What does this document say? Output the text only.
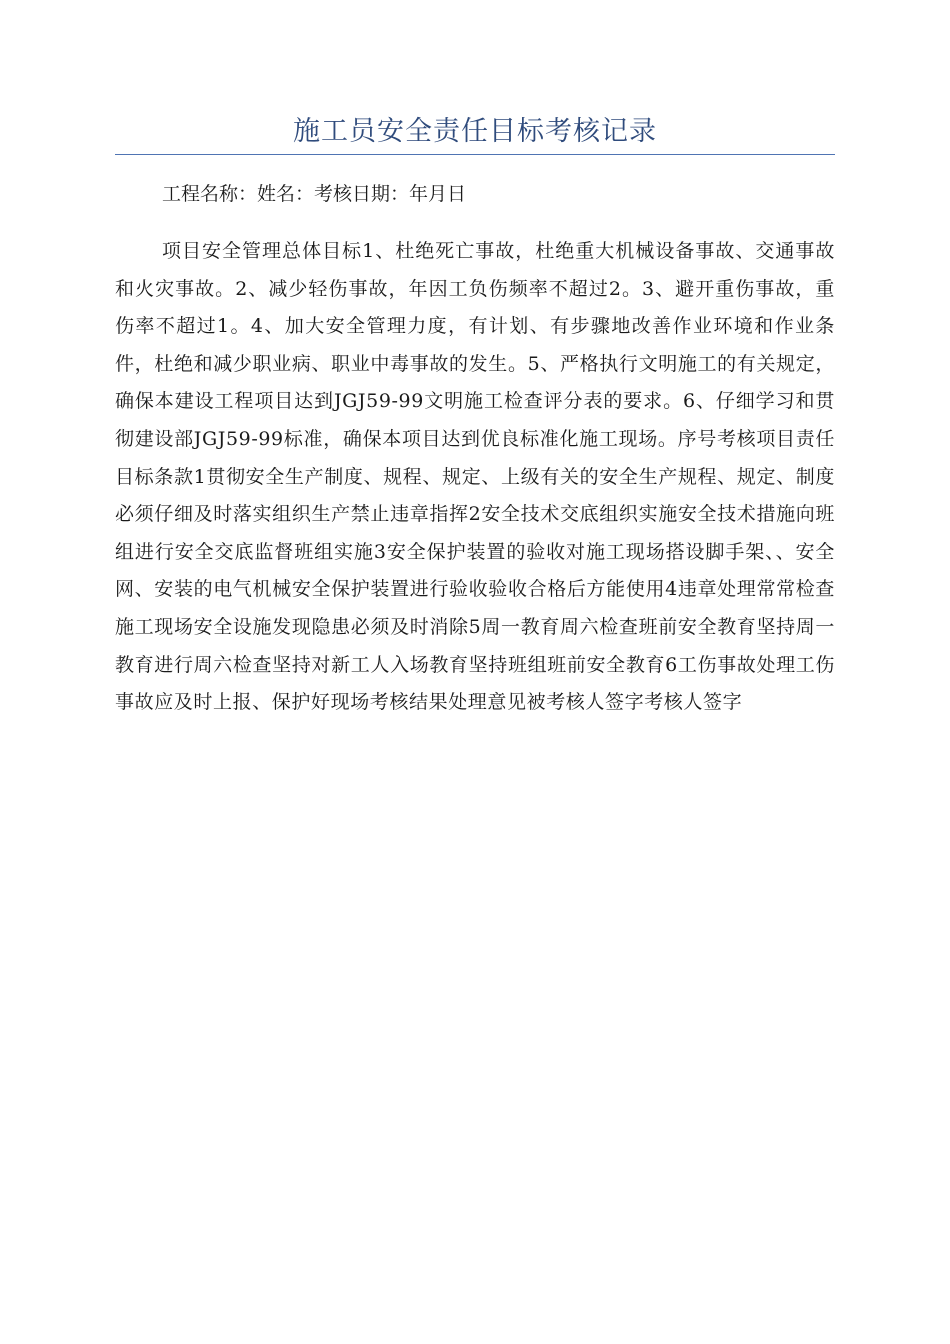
施工员安全责任目标考核记录

工程名称：姓名：考核日期：年月日

项目安全管理总体目标1、杜绝死亡事故，杜绝重大机械设备事故、交通事故和火灾事故。2、减少轻伤事故，年因工负伤频率不超过2。3、避开重伤事故，重伤率不超过1。4、加大安全管理力度，有计划、有步骤地改善作业环境和作业条件，杜绝和减少职业病、职业中毒事故的发生。5、严格执行文明施工的有关规定，确保本建设工程项目达到JGJ59-99文明施工检查评分表的要求。6、仔细学习和贯彻建设部JGJ59-99标准，确保本项目达到优良标准化施工现场。序号考核项目责任目标条款1贯彻安全生产制度、规程、规定、上级有关的安全生产规程、规定、制度必须仔细及时落实组织生产禁止违章指挥2安全技术交底组织实施安全技术措施向班组进行安全交底监督班组实施3安全保护装置的验收对施工现场搭设脚手架、、安全网、安装的电气机械安全保护装置进行验收验收合格后方能使用4违章处理常常检查施工现场安全设施发现隐患必须及时消除5周一教育周六检查班前安全教育坚持周一教育进行周六检查坚持对新工人入场教育坚持班组班前安全教育6工伤事故处理工伤事故应及时上报、保护好现场考核结果处理意见被考核人签字考核人签字
